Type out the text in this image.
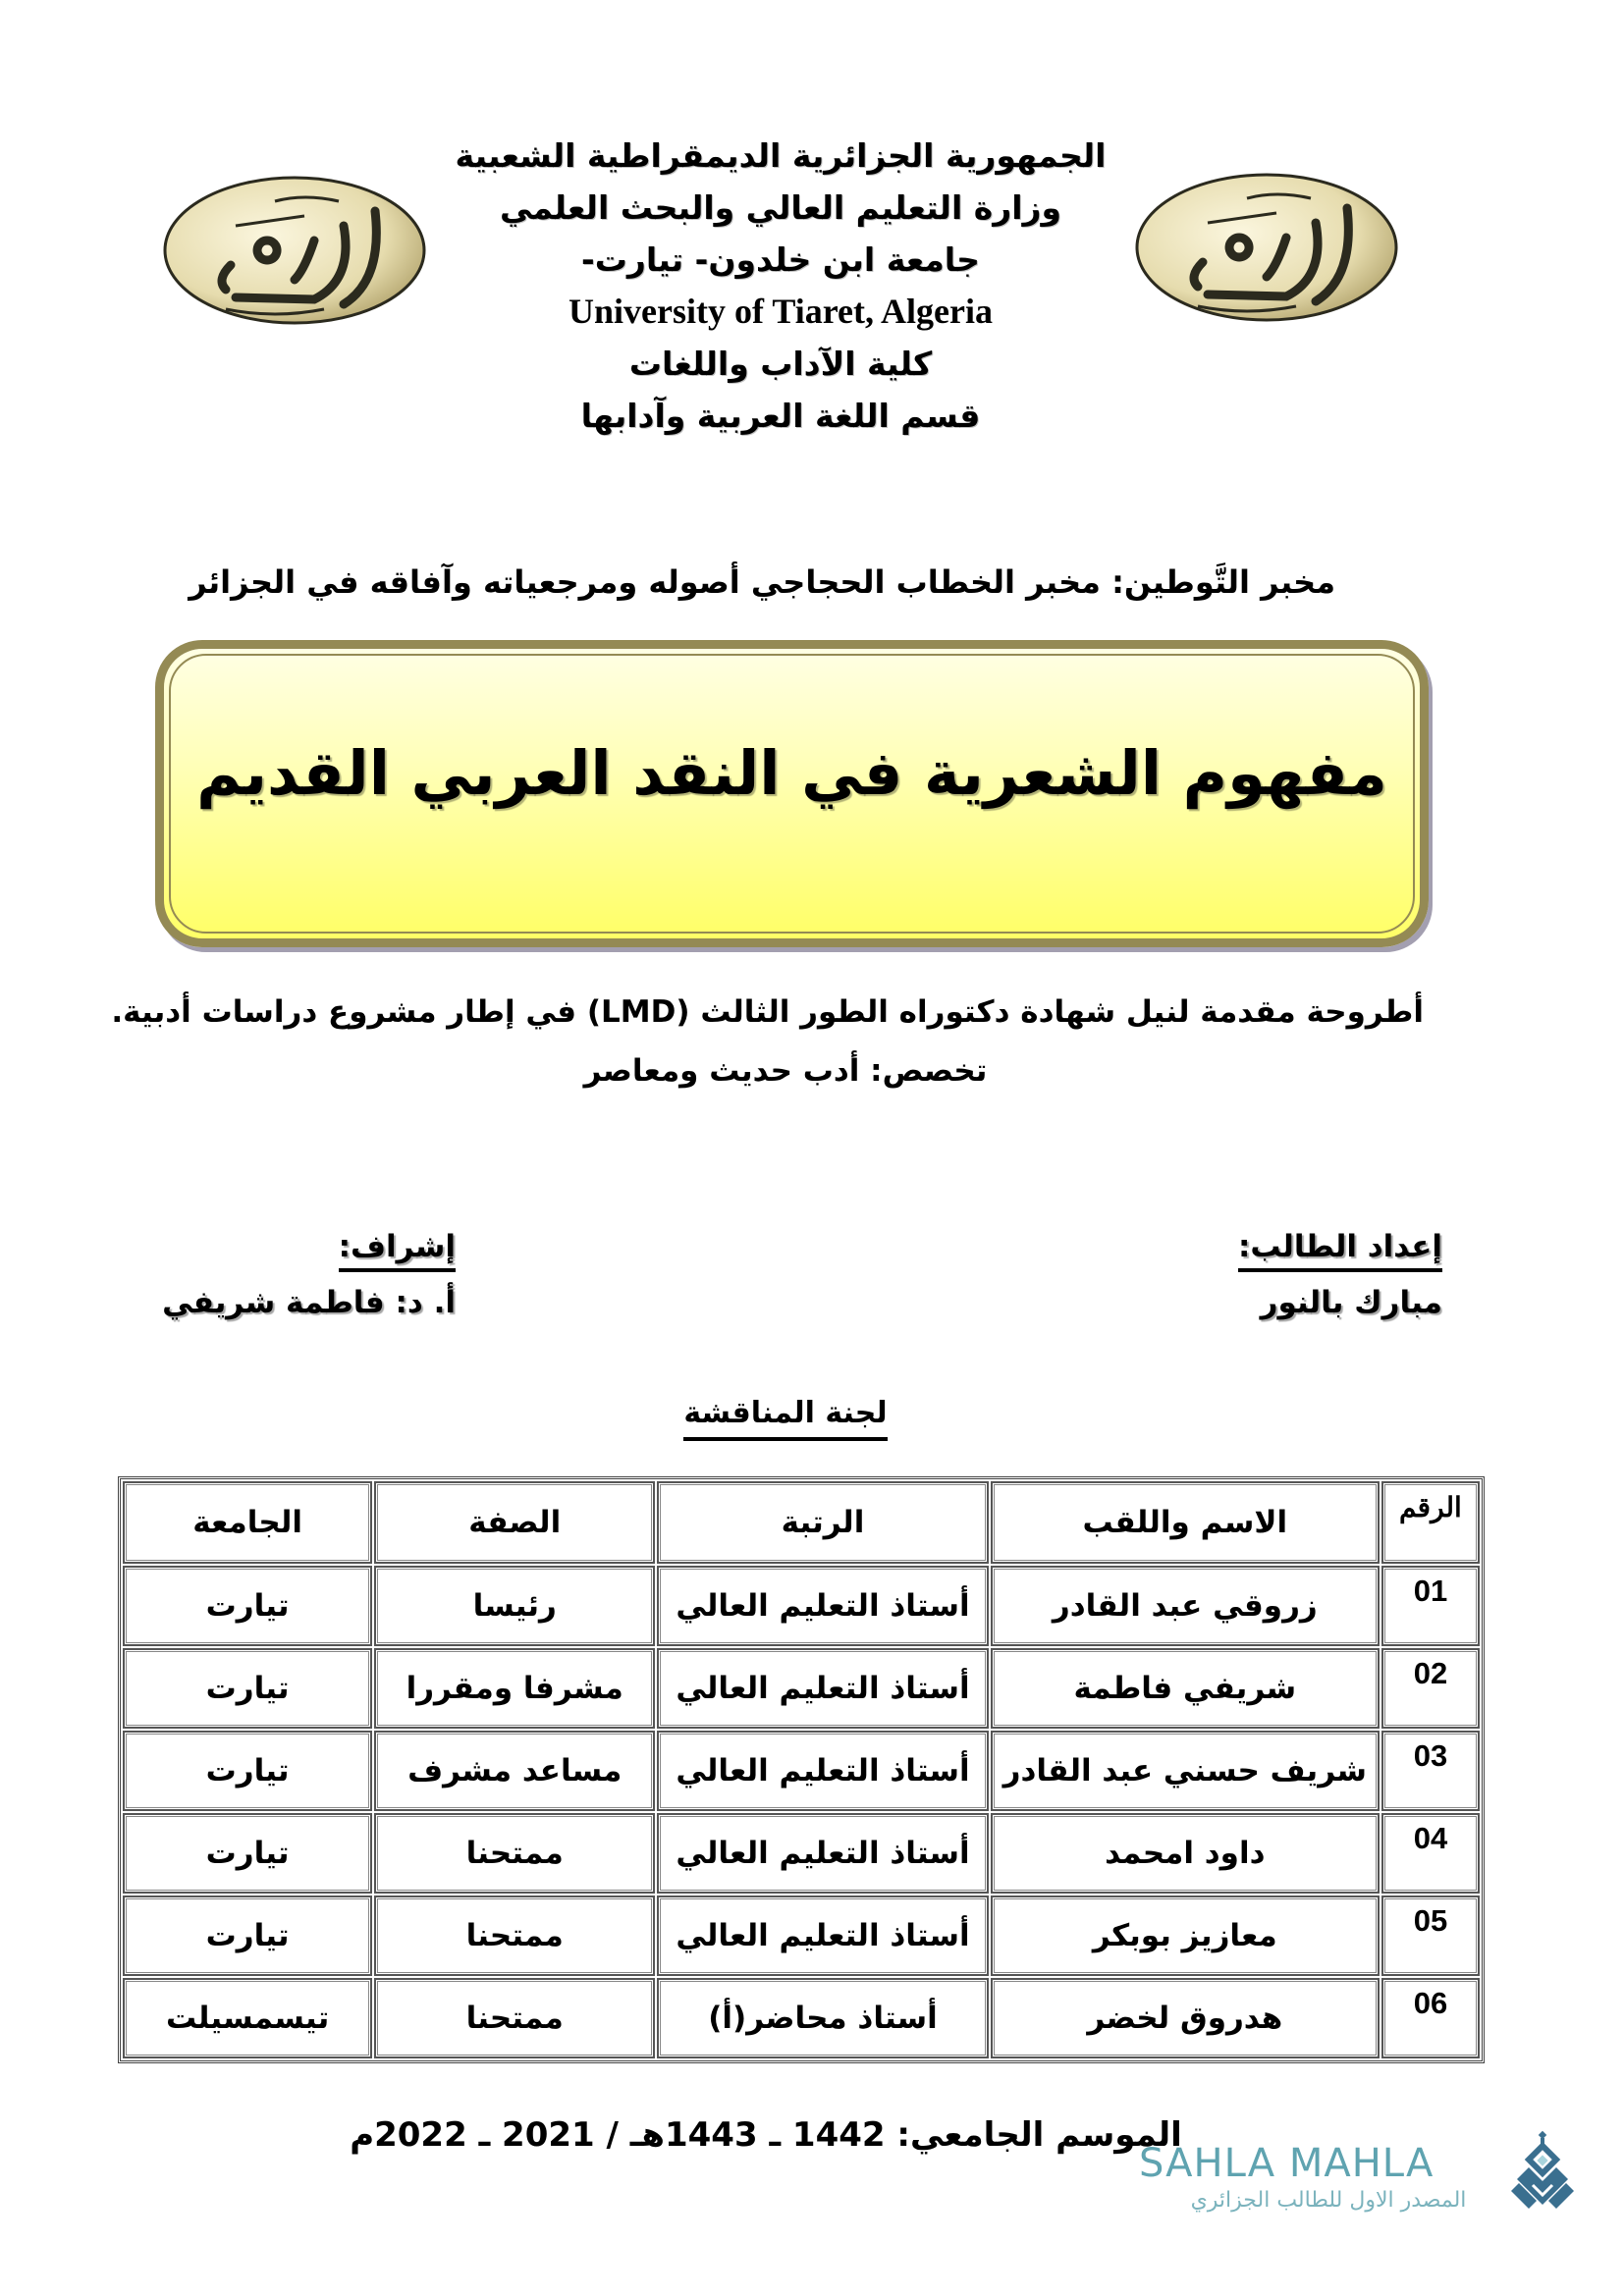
الجمهورية الجزائرية الديمقراطية الشعبية
وزارة التعليم العالي والبحث العلمي
جامعة ابن خلدون- تيارت-
University of Tiaret, Algeria
كلية الآداب واللغات
قسم اللغة العربية وآدابها
مخبر التَّوطين: مخبر الخطاب الحجاجي أصوله ومرجعياته وآفاقه في الجزائر
مفهوم الشعرية في النقد العربي القديم
أطروحة مقدمة لنيل شهادة دكتوراه الطور الثالث (LMD) في إطار مشروع دراسات أدبية.
تخصص: أدب حديث ومعاصر
إعداد الطالب:
مبارك بالنور
إشراف:
أ. د: فاطمة شريفي
لجنة المناقشة
الرقم	الاسم واللقب	الرتبة	الصفة	الجامعة
01	زروقي عبد القادر	أستاذ التعليم العالي	رئيسا	تيارت
02	شريفي فاطمة	أستاذ التعليم العالي	مشرفا ومقررا	تيارت
03	شريف حسني عبد القادر	أستاذ التعليم العالي	مساعد مشرف	تيارت
04	داود امحمد	أستاذ التعليم العالي	ممتحنا	تيارت
05	معازيز بوبكر	أستاذ التعليم العالي	ممتحنا	تيارت
06	هدروق لخضر	أستاذ محاضر(أ)	ممتحنا	تيسمسيلت
الموسم الجامعي: 1442 ـ 1443هـ / 2021 ـ 2022م
SAHLA MAHLA
المصدر الاول للطالب الجزائري
